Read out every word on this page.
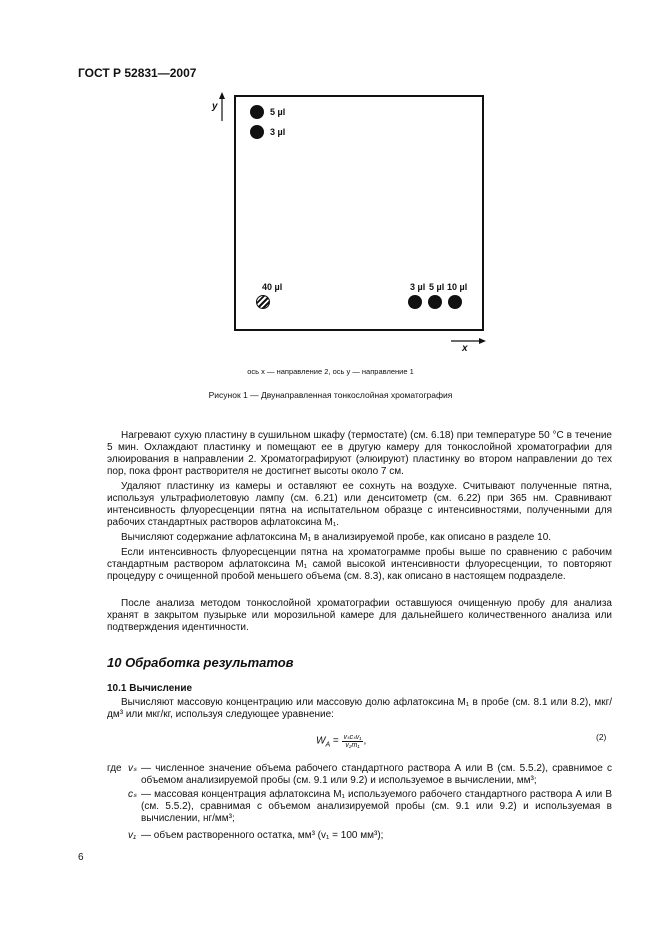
ГОСТ Р 52831—2007
y	5 µl
3 µl
40 µl	3 µl 5 µl 10 µl
x
ось x — направление 2, ось y — направление 1
Рисунок 1 — Двунаправленная тонкослойная хроматография
Нагревают сухую пластину в сушильном шкафу (термостате) (см. 6.18) при температуре 50 °С в течение 5 мин. Охлаждают пластинку и помещают ее в другую камеру для тонкослойной хроматографии для элюирования в направлении 2. Хроматографируют (элюируют) пластинку во втором направлении до тех пор, пока фронт растворителя не достигнет высоты около 7 см.
Удаляют пластинку из камеры и оставляют ее сохнуть на воздухе. Считывают полученные пятна, используя ультрафиолетовую лампу (см. 6.21) или денситометр (см. 6.22) при 365 нм. Сравнивают интенсивность флуоресценции пятна на испытательном образце с интенсивностями, полученными для рабочих стандартных растворов афлатоксина M₁.
Вычисляют содержание афлатоксина M₁ в анализируемой пробе, как описано в разделе 10.
Если интенсивность флуоресценции пятна на хроматограмме пробы выше по сравнению с рабочим стандартным раствором афлатоксина M₁ самой высокой интенсивности флуоресценции, то повторяют процедуру с очищенной пробой меньшего объема (см. 8.3), как описано в настоящем подразделе.
После анализа методом тонкослойной хроматографии оставшуюся очищенную пробу для анализа хранят в закрытом пузырьке или морозильной камере для дальнейшего количественного анализа или подтверждения идентичности.
10 Обработка результатов
10.1 Вычисление
Вычисляют массовую концентрацию или массовую долю афлатоксина M₁ в пробе (см. 8.1 или 8.2), мкг/дм³ или мкг/кг, используя следующее уравнение:
$W_A = \frac{\text{vₛcₛv₁}}{\text{v₂m₁}}$ ,	(2)
где vₛ — численное значение объема рабочего стандартного раствора А или В (см. 5.5.2), сравнимое с объемом анализируемой пробы (см. 9.1 или 9.2) и используемое в вычислении, мм³;
cₛ — массовая концентрация афлатоксина M₁ используемого рабочего стандартного раствора А или В (см. 5.5.2), сравнимая с объемом анализируемой пробы (см. 9.1 или 9.2) и используемая в вычислении, нг/мм³;
v₁ — объем растворенного остатка, мм³ (v₁ = 100 мм³);
6
